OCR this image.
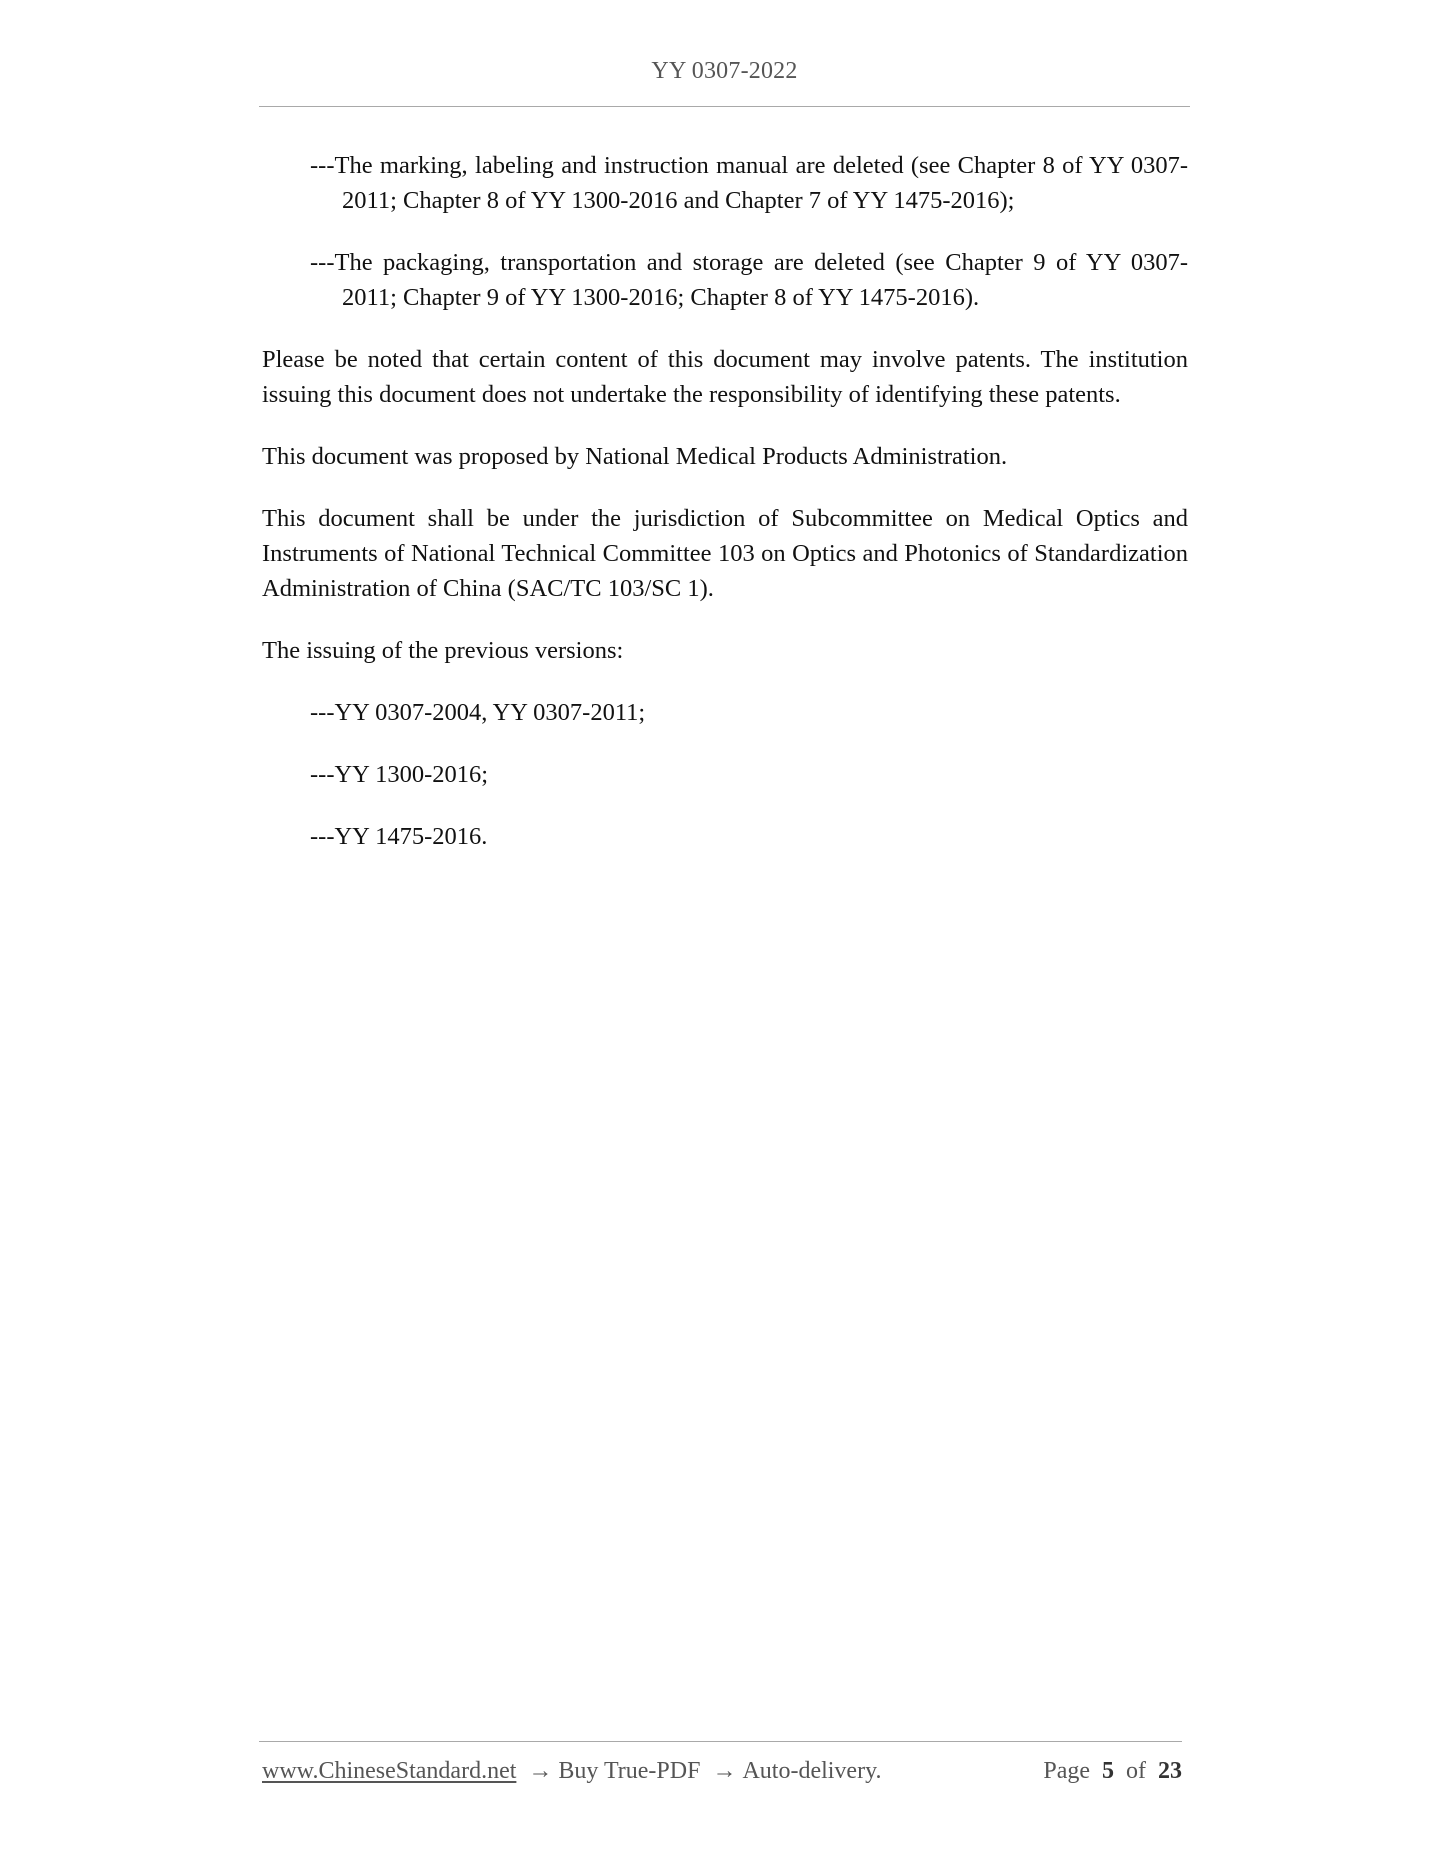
YY 0307-2022

---The marking, labeling and instruction manual are deleted (see Chapter 8 of YY 0307-2011; Chapter 8 of YY 1300-2016 and Chapter 7 of YY 1475-2016);

---The packaging, transportation and storage are deleted (see Chapter 9 of YY 0307-2011; Chapter 9 of YY 1300-2016; Chapter 8 of YY 1475-2016).

Please be noted that certain content of this document may involve patents. The institution issuing this document does not undertake the responsibility of identifying these patents.

This document was proposed by National Medical Products Administration.

This document shall be under the jurisdiction of Subcommittee on Medical Optics and Instruments of National Technical Committee 103 on Optics and Photonics of Standardization Administration of China (SAC/TC 103/SC 1).

The issuing of the previous versions:

---YY 0307-2004, YY 0307-2011;

---YY 1300-2016;

---YY 1475-2016.

www.ChineseStandard.net → Buy True-PDF → Auto-delivery.	Page 5 of 23
